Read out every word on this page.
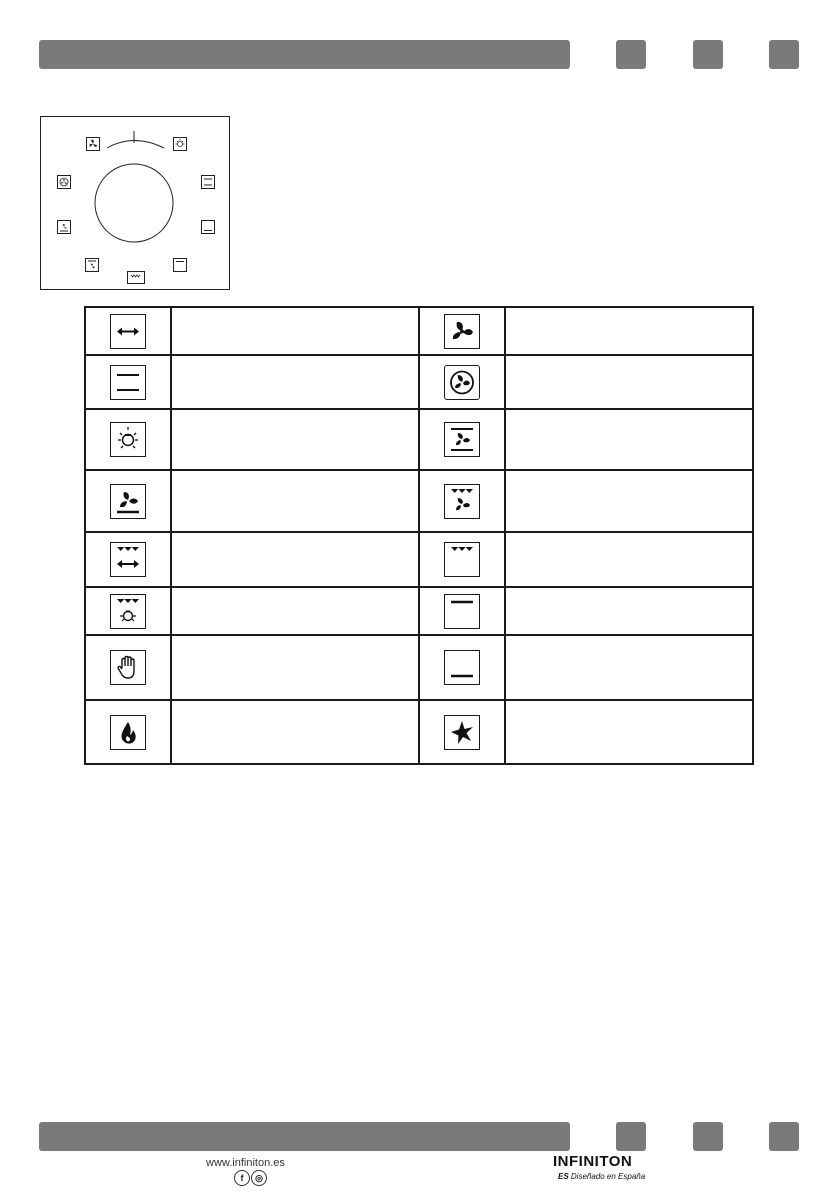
www.infiniton.es
f	◎
INFINITON
ES Diseñado en España
